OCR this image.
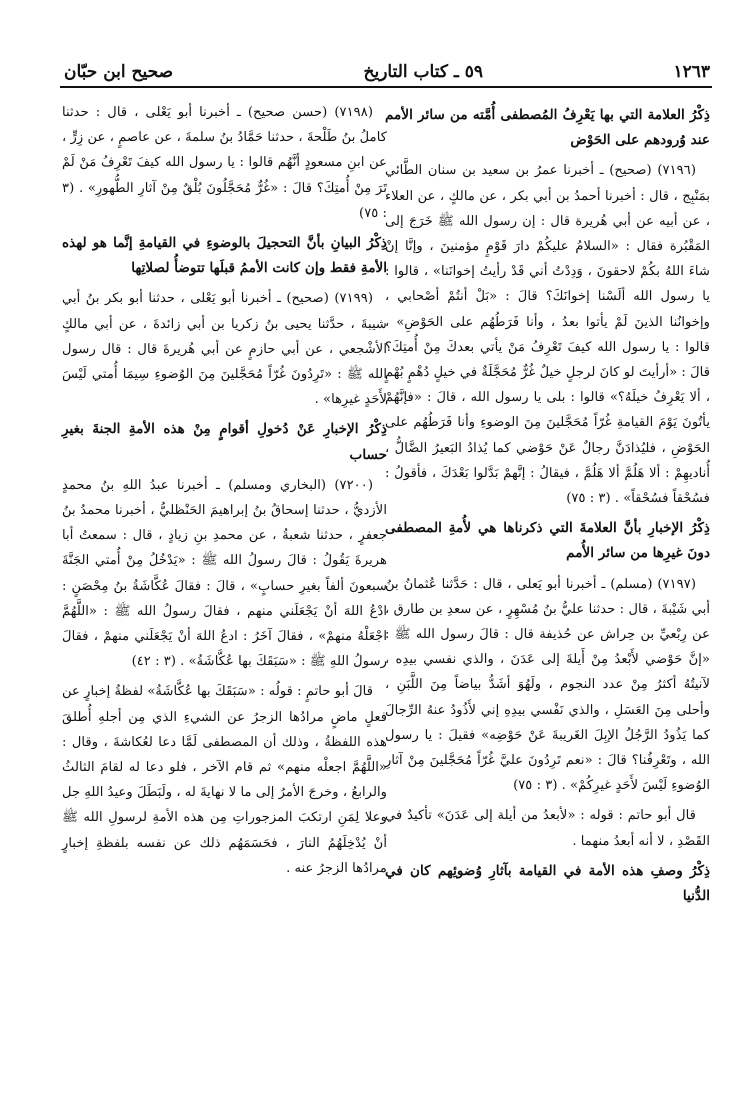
١٢٦٣
٥٩ ـ كتاب التاريخ
صحيح ابن حبّان

ذِكْرُ العلامة التي بها يَعْرِفُ المُصطفى أُمَّته من سائر الأمم عند وُرودهم على الحَوْض

(٧١٩٦) (صحيح) ـ أخبرنا عمرُ بن سعيد بن سنان الطَّائي بمَنْبِج ، قال : أخبرنا أحمدُ بن أبي بكر ، عن مالكٍ ، عن العلاء ، عن أبيه عن أبي هُريرة قال : إن رسول الله ﷺ خَرَجَ إلى المَقْبُرة فقال : «السلامُ عليكُمْ دارَ قَوْمٍ مؤمنينَ ، وإنَّا إنْ شاءَ اللهُ بكُمْ لاحقونَ ، وَدِدْتُ أني قَدْ رأيتُ إخوانَنا» ، قالوا : يا رسول الله ألَسْنا إخوانَكَ؟ قالَ : «بَلْ أنتُمْ أصْحابي ، وإخوانُنا الذينَ لَمْ يأتوا بعدُ ، وأنا فَرَطُهُم على الحَوْضِ» ، قالوا : يا رسول الله كيفَ تَعْرِفُ مَنْ يأتي بعدكَ مِنْ أُمتِكَ؟ قالَ : «أرأيتَ لو كانَ لرجلٍ خيلٌ غُرٌّ مُحَجَّلَةٌ في خيلٍ دُهْمٍ بُهْمٍ ، ألا يَعْرِفُ خيلَهُ؟» قالوا : بلى يا رسول الله ، قالَ : «فإنَّهُمْ يأتُونَ يَوْمَ القيامةِ غُرّاً مُحَجَّلينَ مِنَ الوضوءِ وأنا فَرَطُهُم على الحَوْضِ ، فليُذادَنَّ رجالٌ عَنْ حَوْضي كما يُذادُ البَعيرُ الضَّالُّ ، أُناديهِمْ : ألا هَلُمَّ ألا هَلُمَّ ، فيقالُ : إنَّهمْ بَدَّلوا بَعْدَكَ ، فأقولُ : فسُحْقاً فسُحْقاً» . (٣ : ٧٥)

ذِكْرُ الإخبارِ بأنَّ العلامةَ التي ذكرناها هي لأُمةِ المصطفى دونَ غيرِها من سائر الأُمم

(٧١٩٧) (مسلم) ـ أخبرنا أبو يَعلى ، قال : حَدَّثنا عُثمانُ بنُ أبي شَيْبةَ ، قال : حدثنا عليُّ بنُ مُسْهِرٍ ، عن سعدِ بن طارق ، عن رِبْعيِّ بن حِراش عن حُذيفة قال : قالَ رسول الله ﷺ : «إنَّ حَوْضي لأَبْعدُ مِنْ أَيلةَ إلى عَدَنَ ، والذي نفسي بيدِه ، لآنيتُهُ أكثرُ مِنْ عدد النجوم ، ولَهُوَ أشَدُّ بياضاً مِنَ اللَّبَنِ ، وأحلى مِنَ العَسَلِ ، والذي نَفْسي بيدِهِ إني لأَذُودُ عنهُ الرِّجالَ كما يَذُودُ الرَّجُلُ الإبِلَ الغَريبةَ عَنْ حَوْضِه» فقيلَ : يا رسول الله ، وتَعْرِفُنا؟ قالَ : «نعم تَرِدُونَ عليَّ غُرّاً مُحَجَّلينَ مِنْ آثارِ الوُضوءِ لَيْسَ لأَحَدٍ غيرِكُمْ» . (٣ : ٧٥)

قال أبو حاتم : قوله : «لأبعدُ من أيلة إلى عَدَنَ» تأكيدٌ في القَصْدِ ، لا أنه أبعدُ منهما .

ذِكْرُ وصفِ هذه الأمة في القيامة بآثارِ وُضوئِهم كان في الدُّنيا

(٧١٩٨) (حسن صحيح) ـ أخبرنا أبو يَعْلى ، قال : حدثنا كاملُ بنُ طَلْحةَ ، حدثنا حَمَّادُ بنُ سلمةَ ، عن عاصمٍ ، عن زِرٍّ ، عن ابنِ مسعودٍ أنَّهُم قالوا : يا رسول الله كيفَ تَعْرِفُ مَنْ لَمْ تَرَ مِنْ أُمتِكَ؟ قالَ : «غُرٌّ مُحَجَّلُونَ بُلْقٌ مِنْ آثارِ الطُّهورِ» . (٣ : ٧٥)

ذِكْرُ البيانِ بأنَّ التحجيلَ بالوضوءِ في القيامةِ إنَّما هو لهذه الأمةِ فقط وإن كانت الأممُ قبلَها تتوضأُ لصلاتِها

(٧١٩٩) (صحيح) ـ أخبرنا أبو يَعْلى ، حدثنا أبو بكر بنُ أبي شيبةَ ، حدَّثنا يحيى بنُ زكريا بن أبي زائدةَ ، عن أبي مالكٍ الأشْجعي ، عن أبي حازمٍ عن أبي هُريرةَ قال : قال رسول الله ﷺ : «تَرِدُونَ غُرّاً مُحَجَّلينَ مِنَ الوُضوءِ سِيمَا أُمتي لَيْسَ لأَحَدٍ غيرِها» .

ذِكْرُ الإخبارِ عَنْ دُخولِ أقوامٍ مِنْ هذه الأمةِ الجنةَ بغيرِ حساب

(٧٢٠٠) (البخاري ومسلم) ـ أخبرنا عبدُ اللهِ بنُ محمدٍ الأزديُّ ، حدثنا إسحاقُ بنُ إبراهيمَ الحَنْظليُّ ، أخبرنا محمدُ بنُ جعفرٍ ، حدثنا شعبةُ ، عن محمدِ بنِ زيادٍ ، قال : سمعتُ أبا هريرةَ يَقُولُ : قالَ رسولُ الله ﷺ : «يَدْخُلُ مِنْ أُمتي الجَنَّةَ سبعونَ ألفاً بغيرِ حسابٍ» ، قالَ : فقالَ عُكَّاشَةُ بنُ مِحْصَنٍ : ادْعُ اللهَ أنْ يَجْعَلَني منهم ، فقالَ رسولُ الله ﷺ : «اللَّهُمَّ اجْعَلْهُ منهمْ» ، فقالَ آخَرُ : ادعُ اللهَ أنْ يَجْعَلَني منهمْ ، فقالَ رسولُ اللهِ ﷺ : «سَبَقَكَ بها عُكَّاشَةُ» . (٣ : ٤٢)

قالَ أبو حاتمٍ : قولُه : «سَبَقَكَ بها عُكَّاشَةُ» لفظةُ إخبارٍ عن فعلٍ ماضٍ مرادُها الزجرُ عن الشيءِ الذي مِن أجلهِ أُطلقَ هذه اللفظةُ ، وذلك أن المصطفى لَمَّا دعا لعُكاشةَ ، وقال : «اللَّهُمَّ اجعلْه منهم» ثم قام الآخر ، فلو دعا له لقامَ الثالثُ والرابعُ ، وخرجَ الأمرُ إلى ما لا نهايةَ له ، ولَبَطَلَ وعيدُ اللهِ جل وعلا لِمَنِ ارتكبَ المزجوراتِ مِن هذه الأمةِ لرسولِ الله ﷺ أنْ يُدْخِلَهُمُ النارَ ، فحَسَمَهُم ذلك عن نفسه بلفظةِ إخبارٍ مرادُها الزجرُ عنه .
